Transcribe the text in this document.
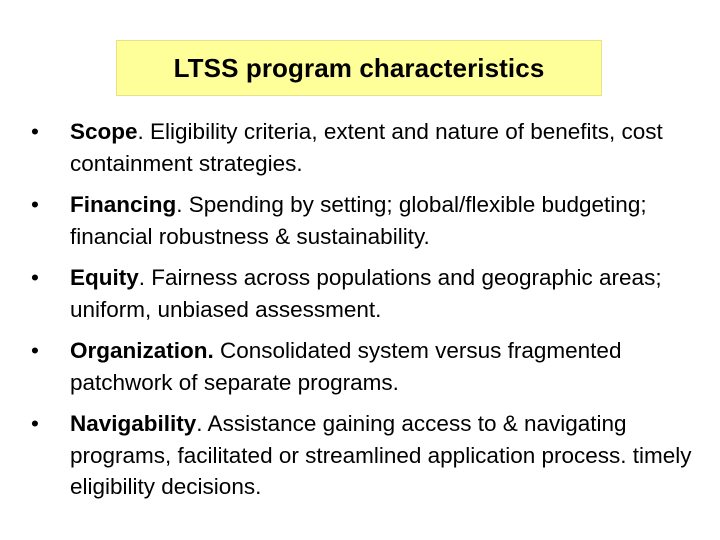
LTSS program characteristics
• Scope. Eligibility criteria, extent and nature of benefits, cost containment strategies.
• Financing. Spending by setting; global/flexible budgeting; financial robustness & sustainability.
• Equity. Fairness across populations and geographic areas; uniform, unbiased assessment.
• Organization. Consolidated system versus fragmented patchwork of separate programs.
• Navigability. Assistance gaining access to & navigating programs, facilitated or streamlined application process. timely eligibility decisions.
